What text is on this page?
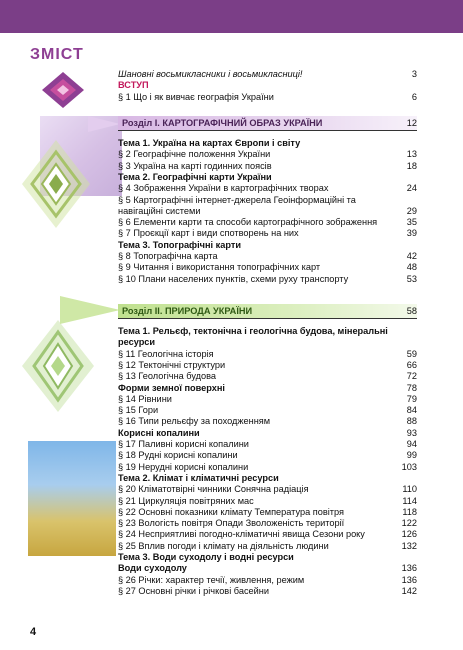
ЗМІСТ
Шановні восьмикласники і восьмикласниці!	3
ВСТУП
§ 1 Що і як вивчає географія України	6
Розділ І. КАРТОГРАФІЧНИЙ ОБРАЗ УКРАЇНИ	12
Тема 1. Україна на картах Європи і світу
§ 2 Географічне положення України	13
§ 3 Україна на карті годинних поясів	18
Тема 2. Географічні карти України
§ 4 Зображення України в картографічних творах	24
§ 5 Картографічні інтернет-джерела Геоінформаційні та
навігаційні системи	29
§ 6 Елементи карти та способи картографічного зображення	35
§ 7 Проєкції карт і види спотворень на них	39
Тема 3. Топографічні карти
§ 8 Топографічна карта	42
§ 9 Читання і використання топографічних карт	48
§ 10 Плани населених пунктів, схеми руху транспорту	53
Розділ ІІ. ПРИРОДА УКРАЇНИ	58
Тема 1. Рельєф, тектонічна і геологічна будова, мінеральні
ресурси
§ 11 Геологічна історія	59
§ 12 Тектонічні структури	66
§ 13 Геологічна будова	72
Форми земної поверхні	78
§ 14 Рівнини	79
§ 15 Гори	84
§ 16 Типи рельєфу за походженням	88
Корисні копалини	93
§ 17 Паливні корисні копалини	94
§ 18 Рудні корисні копалини	99
§ 19 Нерудні корисні копалини	103
Тема 2. Клімат і кліматичні ресурси
§ 20 Кліматотвірні чинники Сонячна радіація	110
§ 21 Циркуляція повітряних мас	114
§ 22 Основні показники клімату Температура повітря	118
§ 23 Вологість повітря Опади Зволоженість території	122
§ 24 Несприятливі погодно-кліматичні явища Сезони року	126
§ 25 Вплив погоди і клімату на діяльність людини	132
Тема 3. Води суходолу і водні ресурси
Води суходолу	136
§ 26 Річки: характер течії, живлення, режим	136
§ 27 Основні річки і річкові басейни	142
4
